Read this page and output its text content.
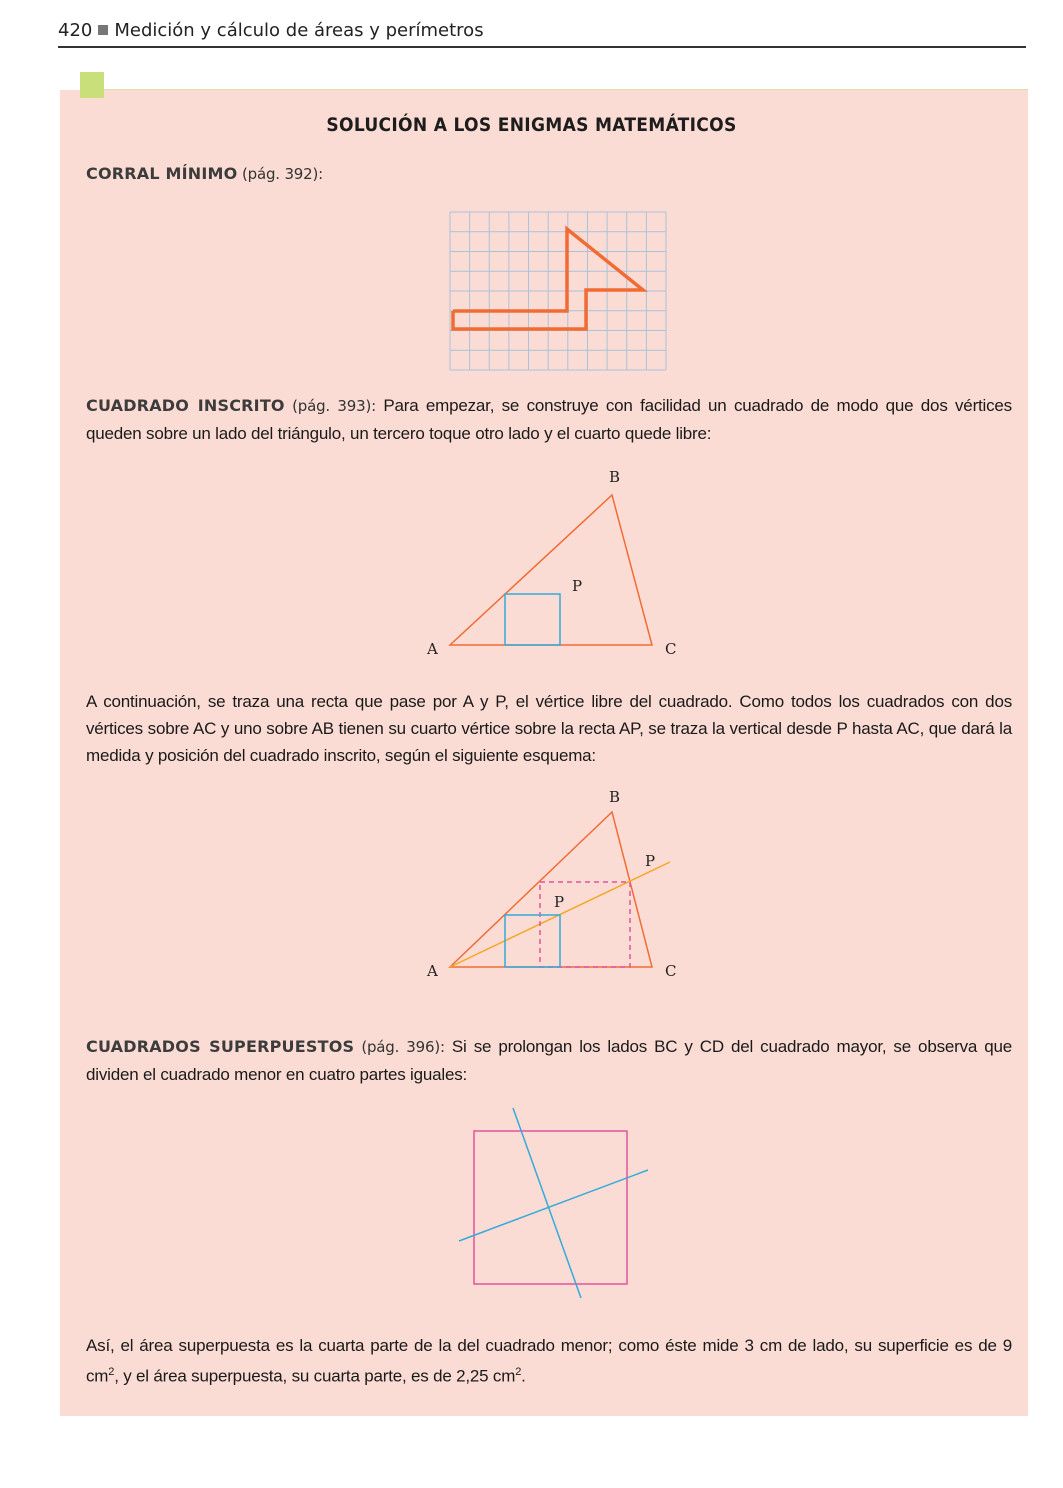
420 Medición y cálculo de áreas y perímetros
SOLUCIÓN A LOS ENIGMAS MATEMÁTICOS
CORRAL MÍNIMO (pág. 392):
CUADRADO INSCRITO (pág. 393): Para empezar, se construye con facilidad un cuadrado de modo que dos vértices queden sobre un lado del triángulo, un tercero toque otro lado y el cuarto quede libre:
B
P
A	C
A continuación, se traza una recta que pase por A y P, el vértice libre del cuadrado. Como todos los cuadrados con dos vértices sobre AC y uno sobre AB tienen su cuarto vértice sobre la recta AP, se traza la vertical desde P hasta AC, que dará la medida y posición del cuadrado inscrito, según el siguiente esquema:
B
P
P
A	C
CUADRADOS SUPERPUESTOS (pág. 396): Si se prolongan los lados BC y CD del cuadrado mayor, se observa que dividen el cuadrado menor en cuatro partes iguales:
Así, el área superpuesta es la cuarta parte de la del cuadrado menor; como éste mide 3 cm de lado, su superficie es de 9 $cm^2$, y el área superpuesta, su cuarta parte, es de 2,25 $cm^2$.
